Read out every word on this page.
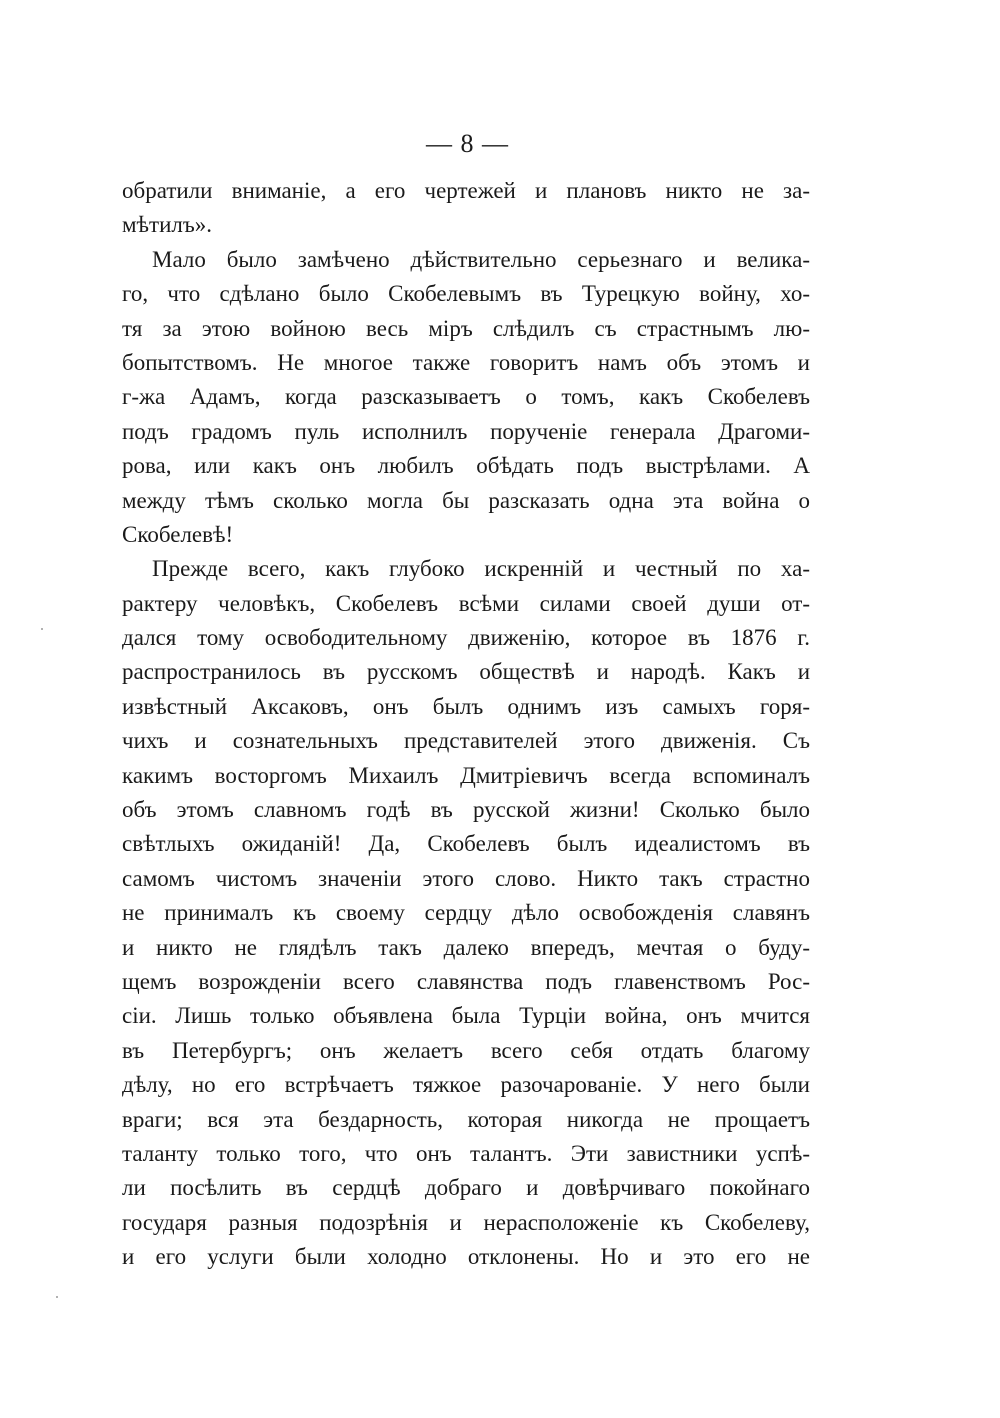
— 8 —
обратили вниманіе, а его чертежей и плановъ никто не за-
мѣтилъ».
Мало было замѣчено дѣйствительно серьезнаго и велика-
го, что сдѣлано было Скобелевымъ въ Турецкую войну, хо-
тя за этою войною весь міръ слѣдилъ съ страстнымъ лю-
бопытствомъ. Не многое также говоритъ намъ объ этомъ и
г-жа Адамъ, когда разсказываетъ о томъ, какъ Скобелевъ
подъ градомъ пуль исполнилъ порученіе генерала Драгоми-
рова, или какъ онъ любилъ обѣдать подъ выстрѣлами. А
между тѣмъ сколько могла бы разсказать одна эта война о
Скобелевѣ!
Прежде всего, какъ глубоко искренній и честный по ха-
рактеру человѣкъ, Скобелевъ всѣми силами своей души от-
дался тому освободительному движенію, которое въ 1876 г.
распространилось въ русскомъ обществѣ и народѣ. Какъ и
извѣстный Аксаковъ, онъ былъ однимъ изъ самыхъ горя-
чихъ и сознательныхъ представителей этого движенія. Съ
какимъ восторгомъ Михаилъ Дмитріевичъ всегда вспоминалъ
объ этомъ славномъ годѣ въ русской жизни! Сколько было
свѣтлыхъ ожиданій! Да, Скобелевъ былъ идеалистомъ въ
самомъ чистомъ значеніи этого слово. Никто такъ страстно
не принималъ къ своему сердцу дѣло освобожденія славянъ
и никто не глядѣлъ такъ далеко впередъ, мечтая о буду-
щемъ возрожденіи всего славянства подъ главенствомъ Рос-
сіи. Лишь только объявлена была Турціи война, онъ мчится
въ Петербургъ; онъ желаетъ всего себя отдать благому
дѣлу, но его встрѣчаетъ тяжкое разочарованіе. У него были
враги; вся эта бездарность, которая никогда не прощаетъ
таланту только того, что онъ талантъ. Эти завистники успѣ-
ли посѣлить въ сердцѣ добраго и довѣрчиваго покойнаго
государя разныя подозрѣнія и нерасположеніе къ Скобелеву,
и его услуги были холодно отклонены. Но и это его не
